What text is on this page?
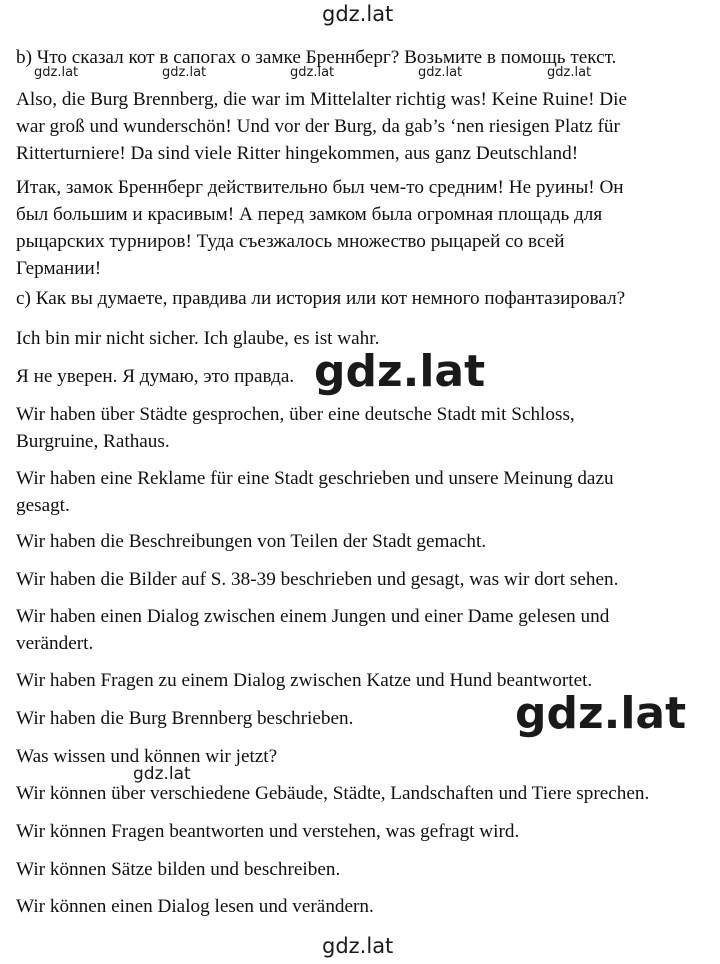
b) Что сказал кот в сапогах о замке Бреннберг? Возьмите в помощь текст.

Also, die Burg Brennberg, die war im Mittelalter richtig was! Keine Ruine! Die
war groß und wunderschön! Und vor der Burg, da gab’s ‘nen riesigen Platz für
Ritterturniere! Da sind viele Ritter hingekommen, aus ganz Deutschland!

Итак, замок Бреннберг действительно был чем-то средним! Не руины! Он
был большим и красивым! А перед замком была огромная площадь для
рыцарских турниров! Туда съезжалось множество рыцарей со всей
Германии!

c) Как вы думаете, правдива ли история или кот немного пофантазировал?

Ich bin mir nicht sicher. Ich glaube, es ist wahr.

Я не уверен. Я думаю, это правда.

Wir haben über Städte gesprochen, über eine deutsche Stadt mit Schloss,
Burgruine, Rathaus.

Wir haben eine Reklame für eine Stadt geschrieben und unsere Meinung dazu
gesagt.

Wir haben die Beschreibungen von Teilen der Stadt gemacht.

Wir haben die Bilder auf S. 38-39 beschrieben und gesagt, was wir dort sehen.

Wir haben einen Dialog zwischen einem Jungen und einer Dame gelesen und
verändert.

Wir haben Fragen zu einem Dialog zwischen Katze und Hund beantwortet.

Wir haben die Burg Brennberg beschrieben.

Was wissen und können wir jetzt?

Wir können über verschiedene Gebäude, Städte, Landschaften und Tiere sprechen.

Wir können Fragen beantworten und verstehen, was gefragt wird.

Wir können Sätze bilden und beschreiben.

Wir können einen Dialog lesen und verändern.

gdz.lat
gdz.lat	gdz.lat	gdz.lat	gdz.lat	gdz.lat
gdz.lat
gdz.lat
gdz.lat
gdz.lat
